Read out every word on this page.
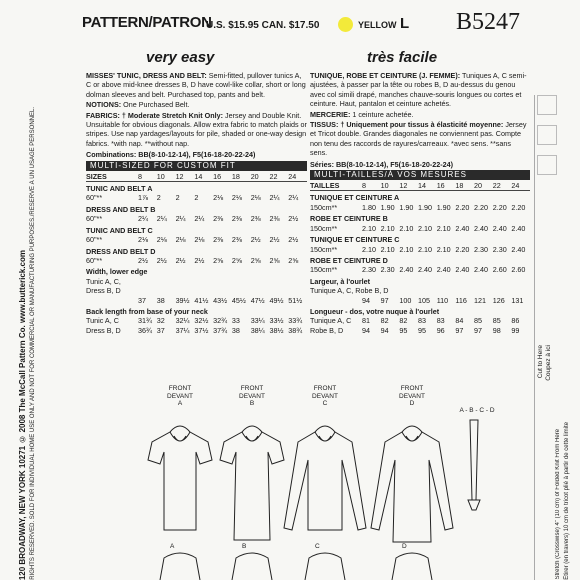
120 BROADWAY, NEW YORK 10271 © 2008 The McCall Pattern Co. www.butterick.com RIGHTS RESERVED. SOLD FOR INDIVIDUAL HOME USE ONLY AND NOT FOR COMMERCIAL OR MANUFACTURING PURPOSES./RESERVÉ À UN USAGE PERSONNEL.
PATTERN/PATRON
U.S. $15.95 CAN. $17.50	YELLOW L B5247
very easy	très facile

MISSES' TUNIC, DRESS AND BELT: Semi-fitted, pullover tunics A, C or above mid-knee dresses B, D have cowl-like collar, short or long dolman sleeves and belt. Purchased top, pants and belt.

NOTIONS: One Purchased Belt.

FABRICS: † Moderate Stretch Knit Only: Jersey and Double Knit. Unsuitable for obvious diagonals. Allow extra fabric to match plaids or stripes. Use nap yardages/layouts for pile, shaded or one-way design fabrics. *with nap. **without nap.

Combinations: BB(8-10-12-14), F5(16-18-20-22-24)

MULTI-SIZED FOR CUSTOM FIT
SIZES	8	10	12	14	16	18	20	22	24
TUNIC AND BELT A
60"**	1⅞	2	2	2	2⅛	2⅛	2⅛	2¼	2¼
DRESS AND BELT B
60"**	2¼	2¼	2¼	2¼	2⅜	2⅜	2⅜	2⅜	2½
TUNIC AND BELT C
60"**	2⅛	2⅛	2⅛	2⅛	2⅜	2⅜	2½	2½	2½
DRESS AND BELT D
60"**	2½	2½	2½	2½	2⅝	2⅝	2⅝	2⅝	2⅝
Width, lower edge
Tunic A, C, Dress B, D
37	38	39½ 41½ 43½ 45½ 47½ 49½ 51½
Back length from base of your neck
Tunic A, C	31¾ 32	32¼ 32½ 32¾ 33	33¼ 33½ 33¾
Dress B, D	36¾ 37	37¼ 37½ 37¾ 38	38¼ 38½ 38¾

TUNIQUE, ROBE ET CEINTURE (J. FEMME): Tuniques A, C semi-ajustées, à passer par la tête ou robes B, D au-dessus du genou avec col simili drapé, manches chauve-souris longues ou cortes et ceinture. Haut, pantalon et ceinture achetés.

MERCERIE: 1 ceinture achetée.

TISSUS: † Uniquement pour tissus à élasticité moyenne: Jersey et Tricot double. Grandes diagonales ne conviennent pas. Compte non tenu des raccords de rayures/carreaux. *avec sens. **sans sens.

Séries: BB(8-10-12-14), F5(16-18-20-22-24)

MULTI-TAILLES/À VOS MESURES
TAILLES	8	10	12	14	16	18	20	22	24
TUNIQUE ET CEINTURE A
150cm**	1.80 1.90 1.90 1.90 1.90 2.20 2.20 2.20 2.20
ROBE ET CEINTURE B
150cm**	2.10 2.10 2.10 2.10 2.10 2.40 2.40 2.40 2.40
TUNIQUE ET CEINTURE C
150cm**	2.10 2.10 2.10 2.10 2.10 2.20 2.30 2.30 2.40
ROBE ET CEINTURE D
150cm**	2.30 2.30 2.40 2.40 2.40 2.40 2.40 2.60 2.60
Largeur, à l'ourlet
Tunique A, C, Robe B, D
94	97	100 105 110	116	121 126 131
Longueur - dos, votre nuque à l'ourlet
Tunique A, C	81	82	82	83	83	84	85	85	86
Robe B, D	94	94	95	95	96	97	97	98	99
FRONT
DEVANT
A
FRONT
DEVANT
B
FRONT
DEVANT
C
FRONT
DEVANT
D
A - B - C - D
A	B	C	D
Cut to Here Coupez à ici
Stretch (Crosswise) 4" (10 cm) of Folded Knit From Here Étirer (en travers) 10 cm de tricot plié à partir de cette limite
